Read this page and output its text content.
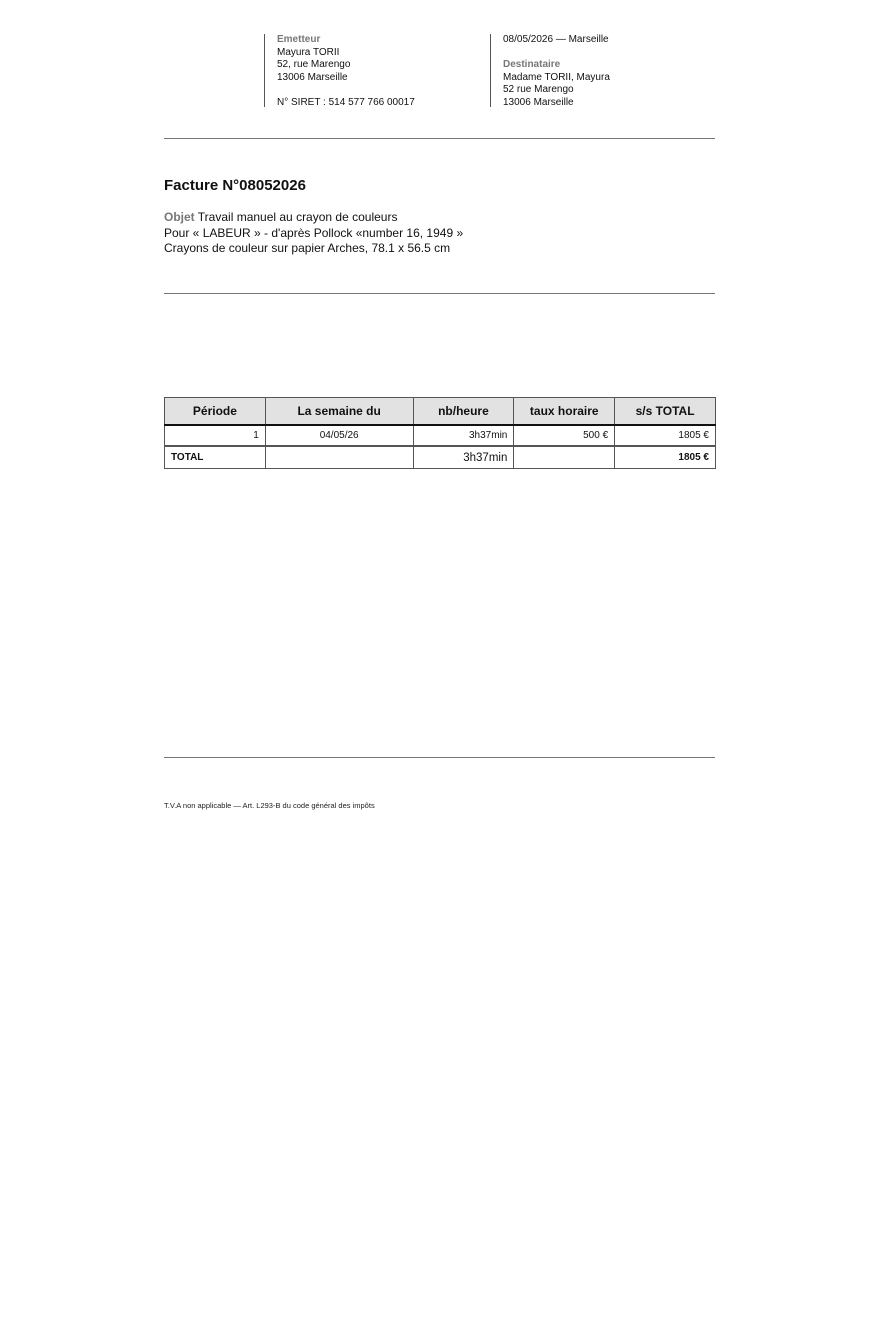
Emetteur
Mayura TORII
52, rue Marengo
13006 Marseille
N° SIRET : 514 577 766 00017
08/05/2026 — Marseille
Destinataire
Madame TORII, Mayura
52 rue Marengo
13006 Marseille
Facture N°08052026
Objet Travail manuel au crayon de couleurs
Pour « LABEUR » - d'après Pollock «number 16, 1949 »
Crayons de couleur sur papier Arches, 78.1 x 56.5 cm
Période	La semaine du	nb/heure	taux horaire	s/s TOTAL
1	04/05/26	3h37min	500 €	1805 €
TOTAL		3h37min		1805 €
T.V.A non applicable — Art. L293-B du code général des impôts
